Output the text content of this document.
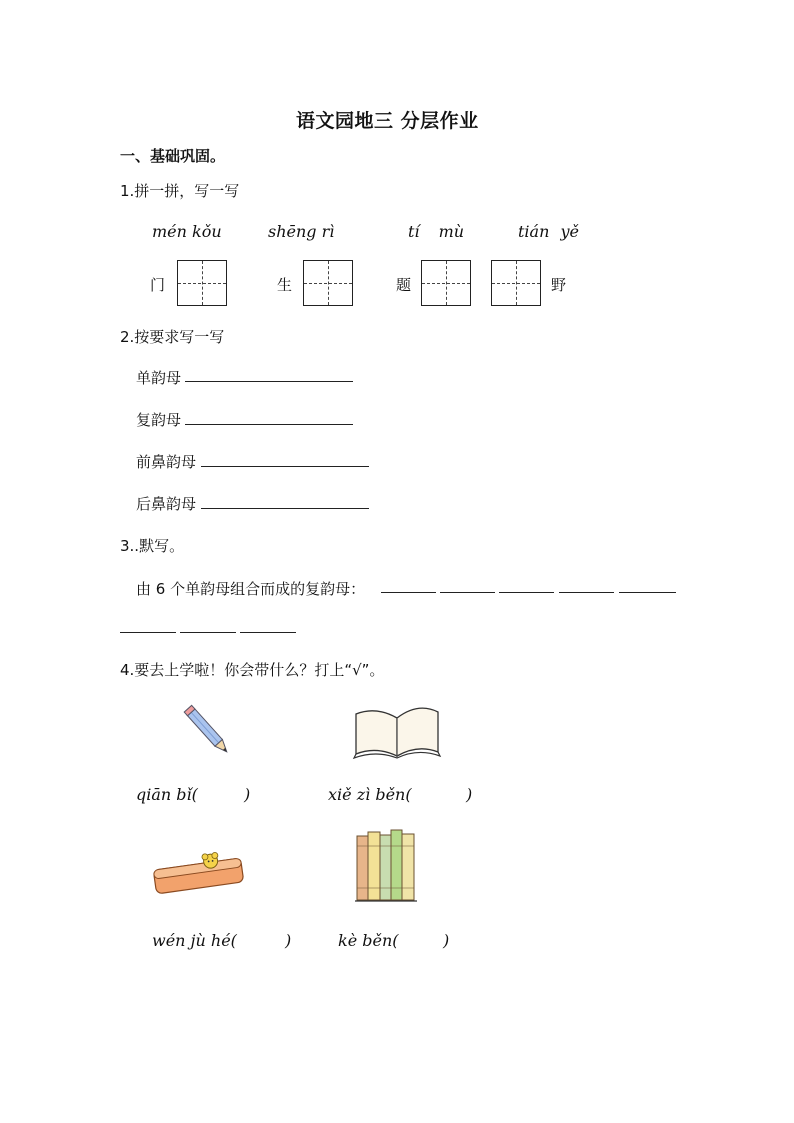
语文园地三 分层作业
一、基础巩固。
1.拼一拼，写一写
mén kǒu	shēng rì	tí mù	tián yě
门	生	题	野
2.按要求写一写
单韵母
复韵母
前鼻韵母
后鼻韵母
3..默写。
由 6 个单韵母组合而成的复韵母：
4.要去上学啦！你会带什么？打上“√”。
qiān bǐ(	)	xiě zì běn(	)
wén jù hé(	)	kè běn(	)
